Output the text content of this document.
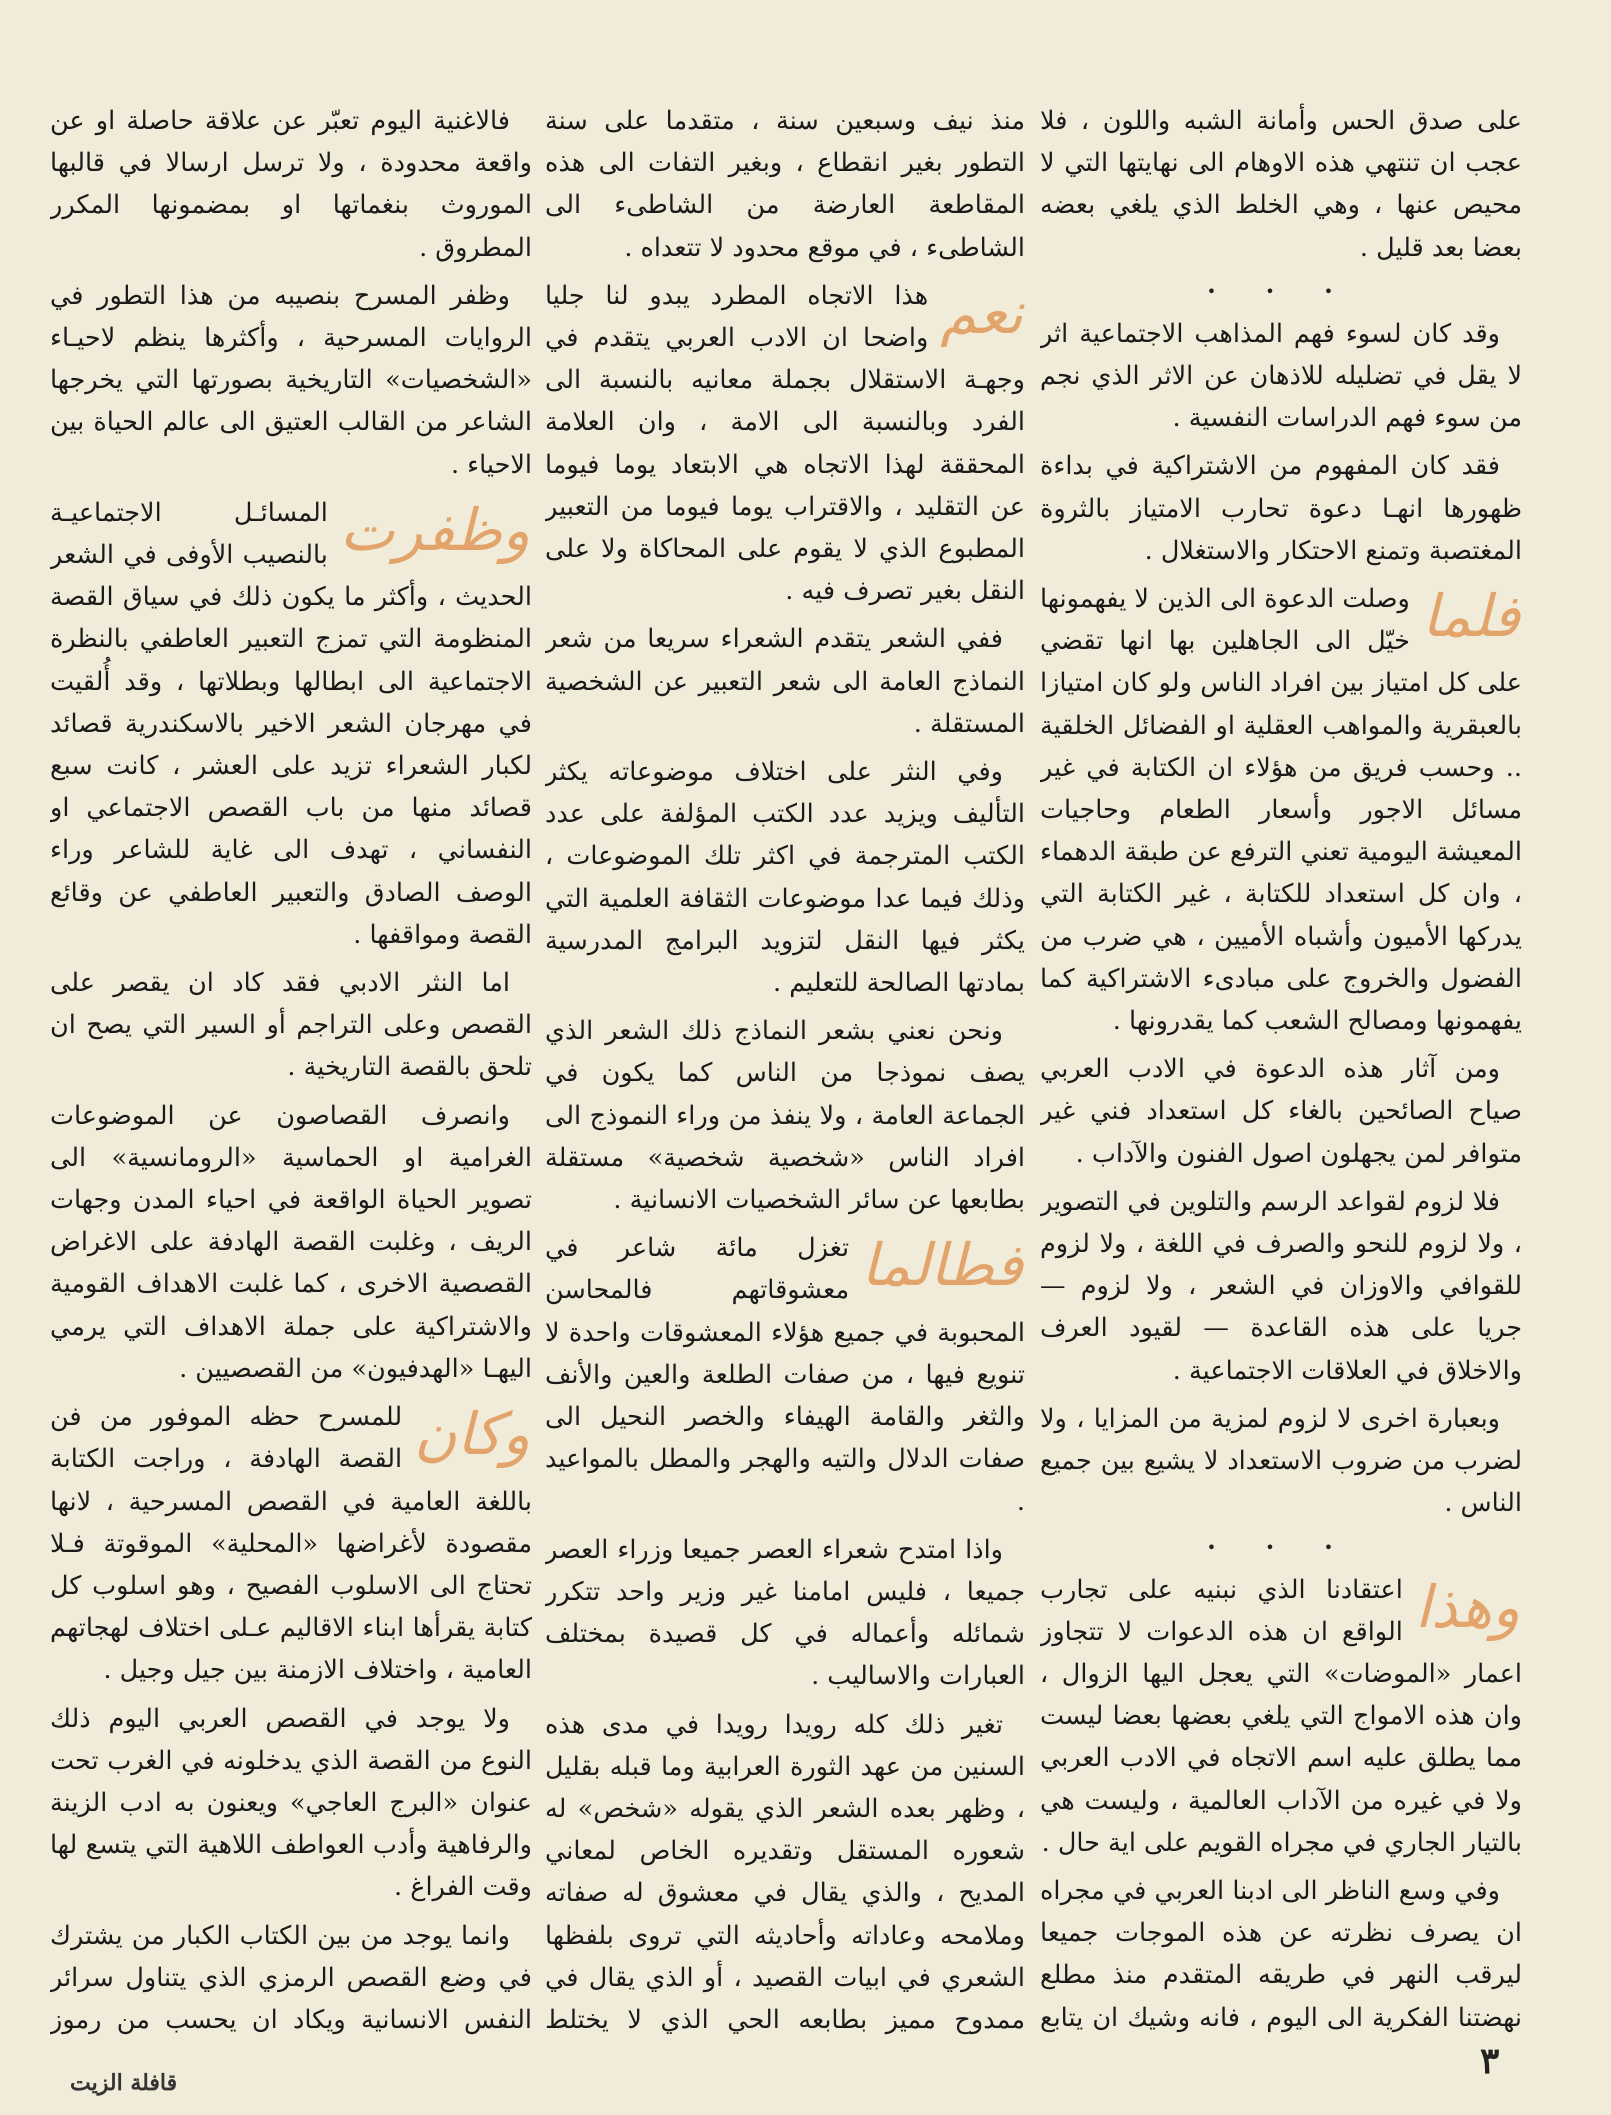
على صدق الحس وأمانة الشبه واللون ، فلا عجب ان تنتهي هذه الاوهام الى نهايتها التي لا محيص عنها ، وهي الخلط الذي يلغي بعضه بعضا بعد قليل .

• • •

وقد كان لسوء فهم المذاهب الاجتماعية اثر لا يقل في تضليله للاذهان عن الاثر الذي نجم من سوء فهم الدراسات النفسية .

فقد كان المفهوم من الاشتراكية في بداءة ظهورها انهـا دعوة تحارب الامتياز بالثروة المغتصبة وتمنع الاحتكار والاستغلال .

فلما

وصلت الدعوة الى الذين لا يفهمونها خيّل الى الجاهلين بها انها تقضي على كل امتياز بين افراد الناس ولو كان امتيازا بالعبقرية والمواهب العقلية او الفضائل الخلقية .. وحسب فريق من هؤلاء ان الكتابة في غير مسائل الاجور وأسعار الطعام وحاجيات المعيشة اليومية تعني الترفع عن طبقة الدهماء ، وان كل استعداد للكتابة ، غير الكتابة التي يدركها الأميون وأشباه الأميين ، هي ضرب من الفضول والخروج على مبادىء الاشتراكية كما يفهمونها ومصالح الشعب كما يقدرونها .

ومن آثار هذه الدعوة في الادب العربي صياح الصائحين بالغاء كل استعداد فني غير متوافر لمن يجهلون اصول الفنون والآداب .

فلا لزوم لقواعد الرسم والتلوين في التصوير ، ولا لزوم للنحو والصرف في اللغة ، ولا لزوم للقوافي والاوزان في الشعر ، ولا لزوم — جريا على هذه القاعدة — لقيود العرف والاخلاق في العلاقات الاجتماعية .

وبعبارة اخرى لا لزوم لمزية من المزايا ، ولا لضرب من ضروب الاستعداد لا يشيع بين جميع الناس .

• • •
وهذا

اعتقادنا الذي نبنيه على تجارب الواقع ان هذه الدعوات لا تتجاوز اعمار «الموضات» التي يعجل اليها الزوال ، وان هذه الامواج التي يلغي بعضها بعضا ليست مما يطلق عليه اسم الاتجاه في الادب العربي ولا في غيره من الآداب العالمية ، وليست هي بالتيار الجاري في مجراه القويم على اية حال .

وفي وسع الناظر الى ادبنا العربي في مجراه ان يصرف نظرته عن هذه الموجات جميعا ليرقب النهر في طريقه المتقدم منذ مطلع نهضتنا الفكرية الى اليوم ، فانه وشيك ان يتابع

منذ نيف وسبعين سنة ، متقدما على سنة التطور بغير انقطاع ، وبغير التفات الى هذه المقاطعة العارضة من الشاطىء الى الشاطىء ، في موقع محدود لا تتعداه .

نعم

هذا الاتجاه المطرد يبدو لنا جليا واضحا ان الادب العربي يتقدم في وجهـة الاستقلال بجملة معانيه بالنسبة الى الفرد وبالنسبة الى الامة ، وان العلامة المحققة لهذا الاتجاه هي الابتعاد يوما فيوما عن التقليد ، والاقتراب يوما فيوما من التعبير المطبوع الذي لا يقوم على المحاكاة ولا على النقل بغير تصرف فيه .

ففي الشعر يتقدم الشعراء سريعا من شعر النماذج العامة الى شعر التعبير عن الشخصية المستقلة .

وفي النثر على اختلاف موضوعاته يكثر التأليف ويزيد عدد الكتب المؤلفة على عدد الكتب المترجمة في اكثر تلك الموضوعات ، وذلك فيما عدا موضوعات الثقافة العلمية التي يكثر فيها النقل لتزويد البرامج المدرسية بمادتها الصالحة للتعليم .

ونحن نعني بشعر النماذج ذلك الشعر الذي يصف نموذجا من الناس كما يكون في الجماعة العامة ، ولا ينفذ من وراء النموذج الى افراد الناس «شخصية شخصية» مستقلة بطابعها عن سائر الشخصيات الانسانية .

فطالما

تغزل مائة شاعر في معشوقاتهم فالمحاسن المحبوبة في جميع هؤلاء المعشوقات واحدة لا تنويع فيها ، من صفات الطلعة والعين والأنف والثغر والقامة الهيفاء والخصر النحيل الى صفات الدلال والتيه والهجر والمطل بالمواعيد .

واذا امتدح شعراء العصر جميعا وزراء العصر جميعا ، فليس امامنا غير وزير واحد تتكرر شمائله وأعماله في كل قصيدة بمختلف العبارات والاساليب .

تغير ذلك كله رويدا رويدا في مدى هذه السنين من عهد الثورة العرابية وما قبله بقليل ، وظهر بعده الشعر الذي يقوله «شخص» له شعوره المستقل وتقديره الخاص لمعاني المديح ، والذي يقال في معشوق له صفاته وملامحه وعاداته وأحاديثه التي تروى بلفظها الشعري في ابيات القصيد ، أو الذي يقال في ممدوح مميز بطابعه الحي الذي لا يختلط

فالاغنية اليوم تعبّر عن علاقة حاصلة او عن واقعة محدودة ، ولا ترسل ارسالا في قالبها الموروث بنغماتها او بمضمونها المكرر المطروق .

وظفر المسرح بنصيبه من هذا التطور في الروايات المسرحية ، وأكثرها ينظم لاحيـاء «الشخصيات» التاريخية بصورتها التي يخرجها الشاعر من القالب العتيق الى عالم الحياة بين الاحياء .

وظفرت

المسائـل الاجتماعيـة بالنصيب الأوفى في الشعر الحديث ، وأكثر ما يكون ذلك في سياق القصة المنظومة التي تمزج التعبير العاطفي بالنظرة الاجتماعية الى ابطالها وبطلاتها ، وقد أُلقيت في مهرجان الشعر الاخير بالاسكندرية قصائد لكبار الشعراء تزيد على العشر ، كانت سبع قصائد منها من باب القصص الاجتماعي او النفساني ، تهدف الى غاية للشاعر وراء الوصف الصادق والتعبير العاطفي عن وقائع القصة ومواقفها .

اما النثر الادبي فقد كاد ان يقصر على القصص وعلى التراجم أو السير التي يصح ان تلحق بالقصة التاريخية .

وانصرف القصاصون عن الموضوعات الغرامية او الحماسية «الرومانسية» الى تصوير الحياة الواقعة في احياء المدن وجهات الريف ، وغلبت القصة الهادفة على الاغراض القصصية الاخرى ، كما غلبت الاهداف القومية والاشتراكية على جملة الاهداف التي يرمي اليهـا «الهدفيون» من القصصيين .

وكان

للمسرح حظه الموفور من فن القصة الهادفة ، وراجت الكتابة باللغة العامية في القصص المسرحية ، لانها مقصودة لأغراضها «المحلية» الموقوتة فـلا تحتاج الى الاسلوب الفصيح ، وهو اسلوب كل كتابة يقرأها ابناء الاقاليم عـلى اختلاف لهجاتهم العامية ، واختلاف الازمنة بين جيل وجيل .

ولا يوجد في القصص العربي اليوم ذلك النوع من القصة الذي يدخلونه في الغرب تحت عنوان «البرج العاجي» ويعنون به ادب الزينة والرفاهية وأدب العواطف اللاهية التي يتسع لها وقت الفراغ .

وانما يوجد من بين الكتاب الكبار من يشترك في وضع القصص الرمزي الذي يتناول سرائر النفس الانسانية ويكاد ان يحسب من رموز

٣
قافلة الزيت
